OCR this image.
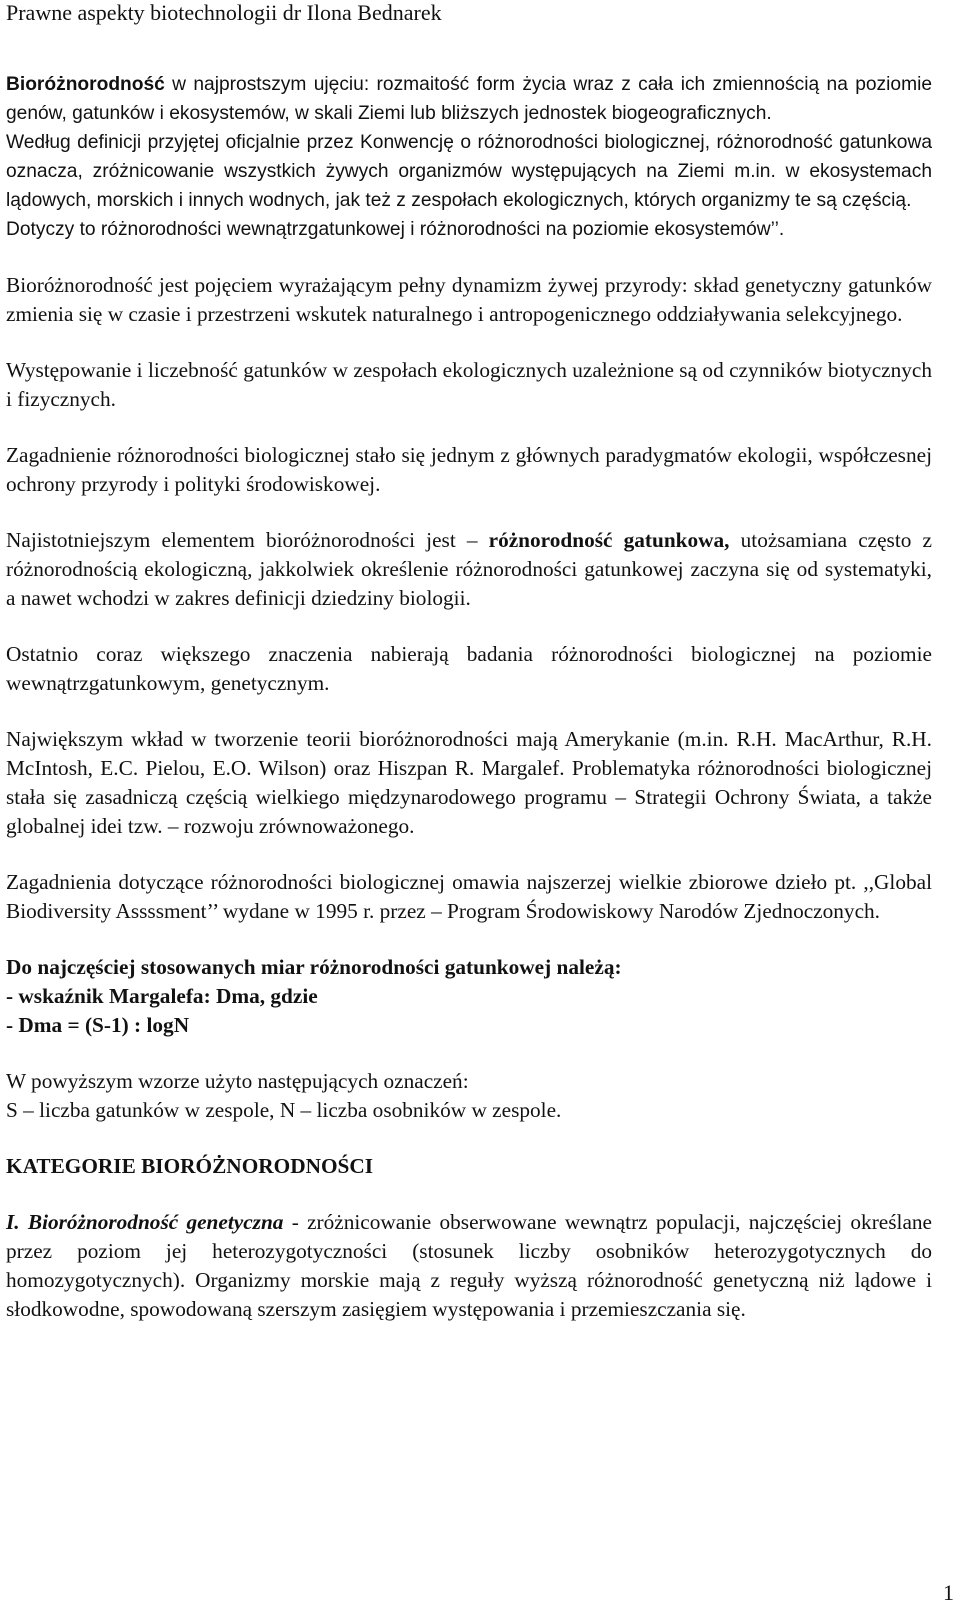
Prawne aspekty biotechnologii dr Ilona Bednarek
Bioróżnorodność w najprostszym ujęciu: rozmaitość form życia wraz z cała ich zmiennością na poziomie genów, gatunków i ekosystemów, w skali Ziemi lub bliższych jednostek biogeograficznych.
Według definicji przyjętej oficjalnie przez Konwencję o różnorodności biologicznej, różnorodność gatunkowa oznacza, zróżnicowanie wszystkich żywych organizmów występujących na Ziemi m.in. w ekosystemach lądowych, morskich i innych wodnych, jak też z zespołach ekologicznych, których organizmy te są częścią.
Dotyczy to różnorodności wewnątrzgatunkowej i różnorodności na poziomie ekosystemów’’.
Bioróżnorodność jest pojęciem wyrażającym pełny dynamizm żywej przyrody: skład genetyczny gatunków zmienia się w czasie i przestrzeni wskutek naturalnego i antropogenicznego oddziaływania selekcyjnego.
Występowanie i liczebność gatunków w zespołach ekologicznych uzależnione są od czynników biotycznych i fizycznych.
Zagadnienie różnorodności biologicznej stało się jednym z głównych paradygmatów ekologii, współczesnej ochrony przyrody i polityki środowiskowej.
Najistotniejszym elementem bioróżnorodności jest – różnorodność gatunkowa, utożsamiana często z różnorodnością ekologiczną, jakkolwiek określenie różnorodności gatunkowej zaczyna się od systematyki, a nawet wchodzi w zakres definicji dziedziny biologii.
Ostatnio coraz większego znaczenia nabierają badania różnorodności biologicznej na poziomie wewnątrzgatunkowym, genetycznym.
Największym wkład w tworzenie teorii bioróżnorodności mają Amerykanie (m.in. R.H. MacArthur, R.H. McIntosh, E.C. Pielou, E.O. Wilson) oraz Hiszpan R. Margalef. Problematyka różnorodności biologicznej stała się zasadniczą częścią wielkiego międzynarodowego programu – Strategii Ochrony Świata, a także globalnej idei tzw. – rozwoju zrównoważonego.
Zagadnienia dotyczące różnorodności biologicznej omawia najszerzej wielkie zbiorowe dzieło pt. ,,Global Biodiversity Assssment’’ wydane w 1995 r. przez – Program Środowiskowy Narodów Zjednoczonych.
Do najczęściej stosowanych miar różnorodności gatunkowej należą:
- wskaźnik Margalefa: Dma, gdzie
- Dma = (S-1) : logN
W powyższym wzorze użyto następujących oznaczeń:
S – liczba gatunków w zespole, N – liczba osobników w zespole.
KATEGORIE BIORÓŻNORODNOŚCI
I. Bioróżnorodność genetyczna - zróżnicowanie obserwowane wewnątrz populacji, najczęściej określane przez poziom jej heterozygotyczności (stosunek liczby osobników heterozygotycznych do homozygotycznych). Organizmy morskie mają z reguły wyższą różnorodność genetyczną niż lądowe i słodkowodne, spowodowaną szerszym zasięgiem występowania i przemieszczania się.
1
